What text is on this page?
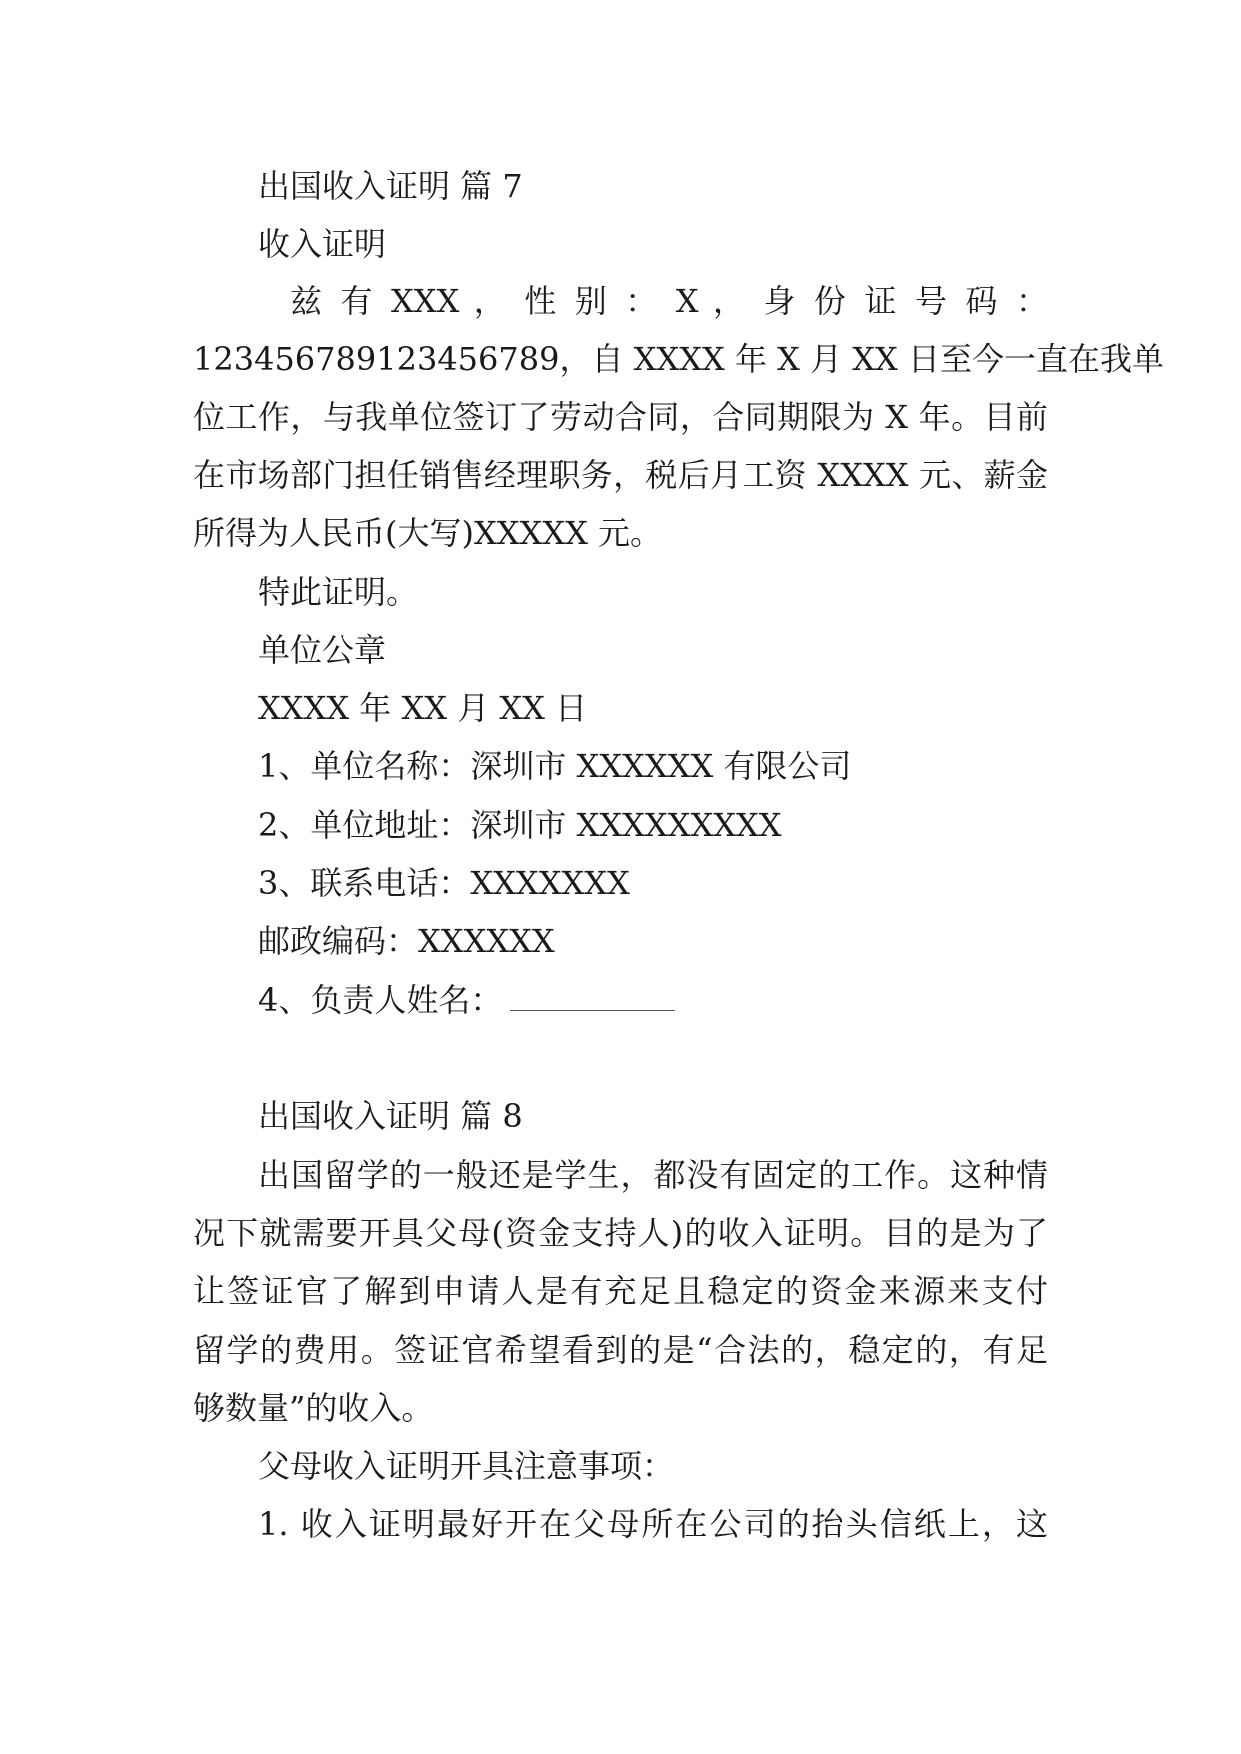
出国收入证明 篇 7
收入证明
兹 有 XXX ， 性 别 ： X ， 身 份 证 号 码 ：
123456789123456789，自 XXXX 年 X 月 XX 日至今一直在我单
位工作，与我单位签订了劳动合同，合同期限为 X 年。目前
在市场部门担任销售经理职务，税后月工资 XXXX 元、薪金
所得为人民币(大写)XXXXX 元。
特此证明。
单位公章
XXXX 年 XX 月 XX 日
1、单位名称：深圳市 XXXXXX 有限公司
2、单位地址：深圳市 XXXXXXXXX
3、联系电话：XXXXXXX
邮政编码：XXXXXX
4、负责人姓名：
出国收入证明 篇 8
出国留学的一般还是学生，都没有固定的工作。这种情
况下就需要开具父母(资金支持人)的收入证明。目的是为了
让签证官了解到申请人是有充足且稳定的资金来源来支付
留学的费用。签证官希望看到的是“合法的，稳定的，有足
够数量”的收入。
父母收入证明开具注意事项：
1. 收入证明最好开在父母所在公司的抬头信纸上，这
